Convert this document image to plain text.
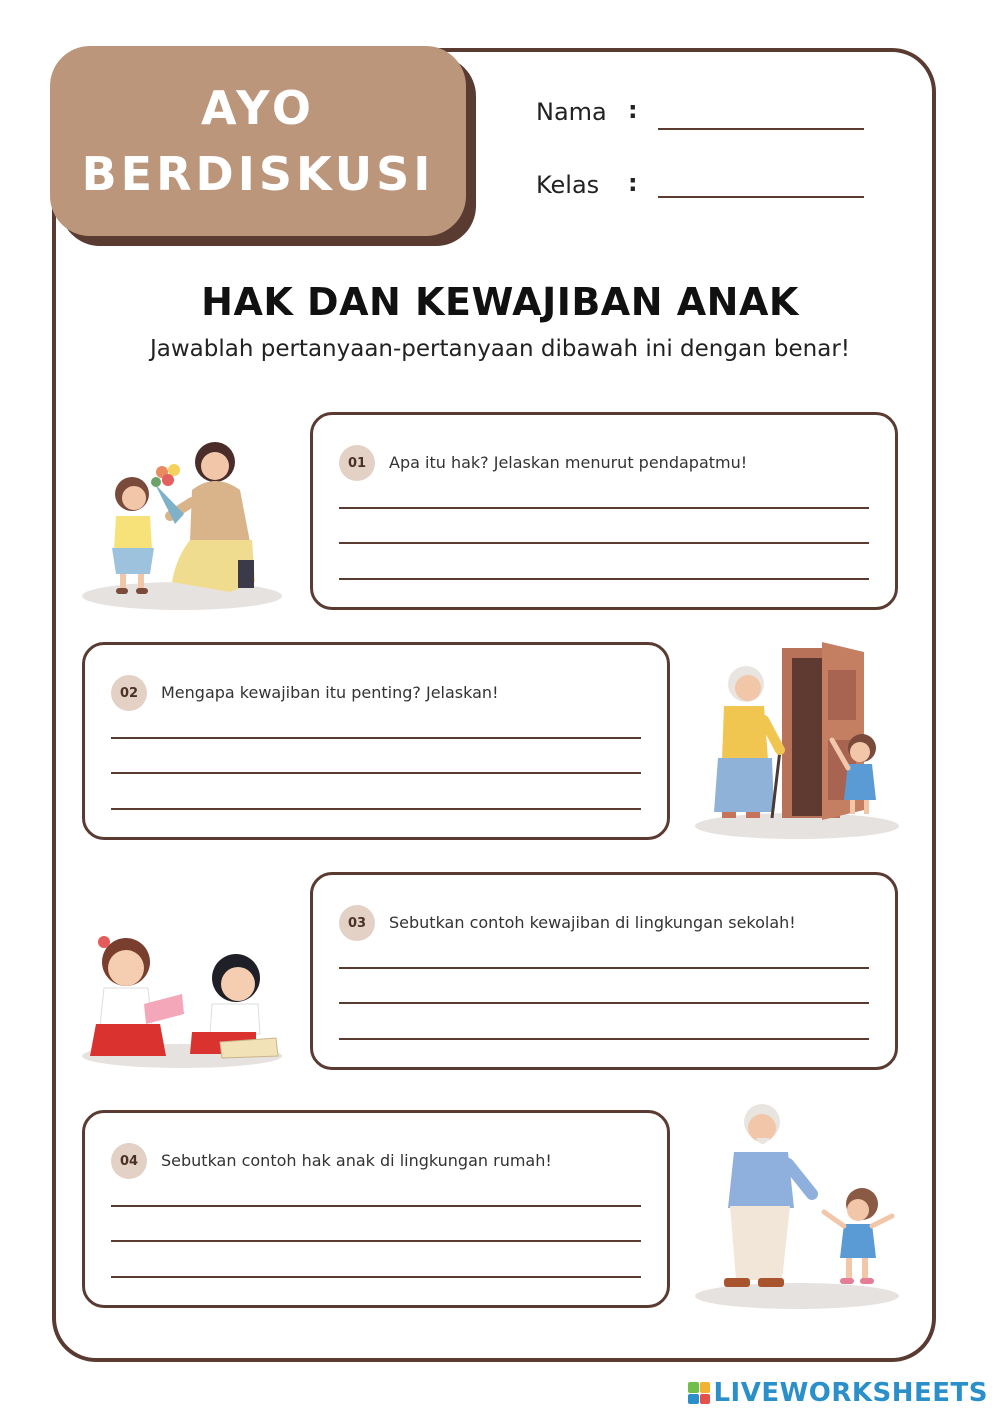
AYO
BERDISKUSI
Nama :
Kelas :
HAK DAN KEWAJIBAN ANAK
Jawablah pertanyaan-pertanyaan dibawah ini dengan benar!
01	Apa itu hak? Jelaskan menurut pendapatmu!
02	Mengapa kewajiban itu penting? Jelaskan!
03	Sebutkan contoh kewajiban di lingkungan sekolah!
04	Sebutkan contoh hak anak di lingkungan rumah!
LIVEWORKSHEETS
